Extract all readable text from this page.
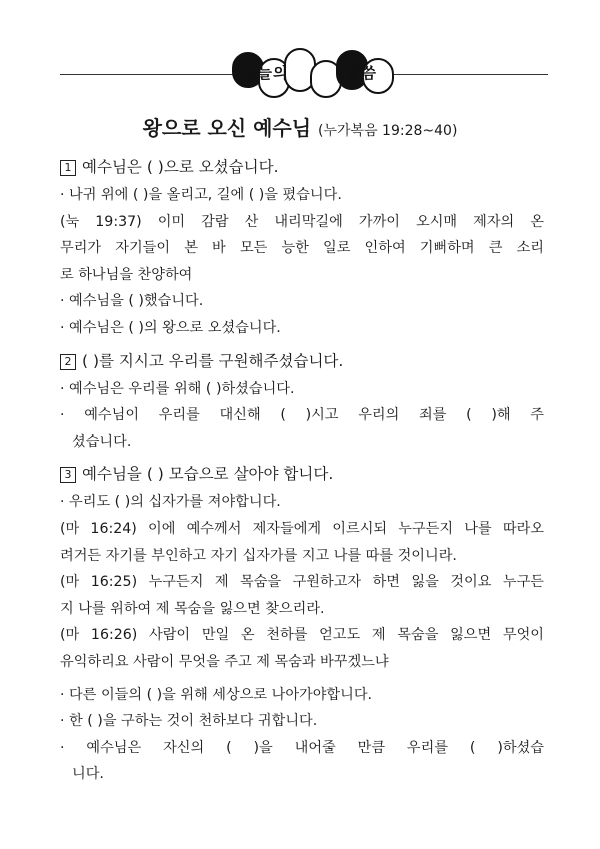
오늘의	말씀
왕으로 오신 예수님 (누가복음 19:28~40)
1 예수님은 ( )으로 오셨습니다.
· 나귀 위에 ( )을 올리고, 길에 ( )을 폈습니다.
(눅 19:37) 이미 감람 산 내리막길에 가까이 오시매 제자의 온
무리가 자기들이 본 바 모든 능한 일로 인하여 기뻐하며 큰 소리
로 하나님을 찬양하여
· 예수님을 ( )했습니다.
· 예수님은 ( )의 왕으로 오셨습니다.
2 ( )를 지시고 우리를 구원해주셨습니다.
· 예수님은 우리를 위해 ( )하셨습니다.
· 예수님이 우리를 대신해 ( )시고 우리의 죄를 ( )해 주
셨습니다.
3 예수님을 ( ) 모습으로 살아야 합니다.
· 우리도 ( )의 십자가를 져야합니다.
(마 16:24) 이에 예수께서 제자들에게 이르시되 누구든지 나를 따라오
려거든 자기를 부인하고 자기 십자가를 지고 나를 따를 것이니라.
(마 16:25) 누구든지 제 목숨을 구원하고자 하면 잃을 것이요 누구든
지 나를 위하여 제 목숨을 잃으면 찾으리라.
(마 16:26) 사람이 만일 온 천하를 얻고도 제 목숨을 잃으면 무엇이
유익하리요 사람이 무엇을 주고 제 목숨과 바꾸겠느냐
· 다른 이들의 ( )을 위해 세상으로 나아가야합니다.
· 한 ( )을 구하는 것이 천하보다 귀합니다.
· 예수님은 자신의 ( )을 내어줄 만큼 우리를 ( )하셨습
니다.
